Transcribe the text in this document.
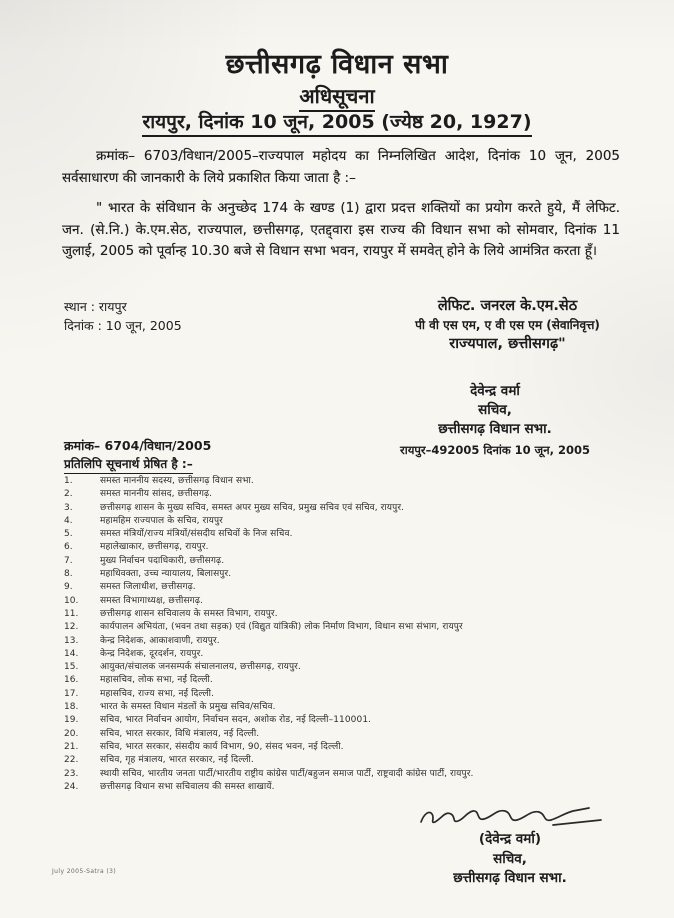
छत्तीसगढ़ विधान सभा
अधिसूचना
रायपुर, दिनांक 10 जून, 2005 (ज्येष्ठ 20, 1927)
क्रमांक– 6703/विधान/2005–राज्यपाल महोदय का निम्नलिखित आदेश, दिनांक 10 जून, 2005 सर्वसाधारण की जानकारी के लिये प्रकाशित किया जाता है :–
" भारत के संविधान के अनुच्छेद 174 के खण्ड (1) द्वारा प्रदत्त शक्तियों का प्रयोग करते हुये, मैं लेफिट. जन. (से.नि.) के.एम.सेठ, राज्यपाल, छत्तीसगढ़, एतद्द्वारा इस राज्य की विधान सभा को सोमवार, दिनांक 11 जुलाई, 2005 को पूर्वान्ह 10.30 बजे से विधान सभा भवन, रायपुर में समवेत् होने के लिये आमंत्रित करता हूँ।
स्थान : रायपुर
दिनांक : 10 जून, 2005
लेफिट. जनरल के.एम.सेठ
पी वी एस एम, ए वी एस एम (सेवानिवृत्त)
राज्यपाल, छत्तीसगढ़"
देवेन्द्र वर्मा
सचिव,
छत्तीसगढ़ विधान सभा.
रायपुर–492005 दिनांक 10 जून, 2005
क्रमांक– 6704/विधान/2005
प्रतिलिपि सूचनार्थ प्रेषित है :–
1.	समस्त माननीय सदस्य, छत्तीसगढ़ विधान सभा.
2.	समस्त माननीय सांसद, छत्तीसगढ़.
3.	छत्तीसगढ़ शासन के मुख्य सचिव, समस्त अपर मुख्य सचिव, प्रमुख सचिव एवं सचिव, रायपुर.
4.	महामहिम राज्यपाल के सचिव, रायपुर
5.	समस्त मंत्रियों/राज्य मंत्रियों/संसदीय सचिवों के निज सचिव.
6.	महालेखाकार, छत्तीसगढ़, रायपुर.
7.	मुख्य निर्वाचन पदाधिकारी, छत्तीसगढ़.
8.	महाधिवक्ता, उच्च न्यायालय, बिलासपुर.
9.	समस्त जिलाधीश, छत्तीसगढ़.
10.	समस्त विभागाध्यक्ष, छत्तीसगढ़.
11.	छत्तीसगढ़ शासन सचिवालय के समस्त विभाग, रायपुर.
12.	कार्यपालन अभियंता, (भवन तथा सड़क) एवं (विद्युत यांत्रिकी) लोक निर्माण विभाग, विधान सभा संभाग, रायपुर
13.	केन्द्र निदेशक, आकाशवाणी, रायपुर.
14.	केन्द्र निदेशक, दूरदर्शन, रायपुर.
15.	आयुक्त/संचालक जनसम्पर्क संचालनालय, छत्तीसगढ़, रायपुर.
16.	महासचिव, लोक सभा, नई दिल्ली.
17.	महासचिव, राज्य सभा, नई दिल्ली.
18.	भारत के समस्त विधान मंडलों के प्रमुख सचिव/सचिव.
19.	सचिव, भारत निर्वाचन आयोग, निर्वाचन सदन, अशोक रोड, नई दिल्ली–110001.
20.	सचिव, भारत सरकार, विधि मंत्रालय, नई दिल्ली.
21.	सचिव, भारत सरकार, संसदीय कार्य विभाग, 90, संसद भवन, नई दिल्ली.
22.	सचिव, गृह मंत्रालय, भारत सरकार, नई दिल्ली.
23.	स्थायी सचिव, भारतीय जनता पार्टी/भारतीय राष्ट्रीय कांग्रेस पार्टी/बहुजन समाज पार्टी, राष्ट्रवादी कांग्रेस पार्टी, रायपुर.
24.	छत्तीसगढ़ विधान सभा सचिवालय की समस्त शाखायें.
(देवेन्द्र वर्मा)
सचिव,
छत्तीसगढ़ विधान सभा.
July 2005-Satra (3)
